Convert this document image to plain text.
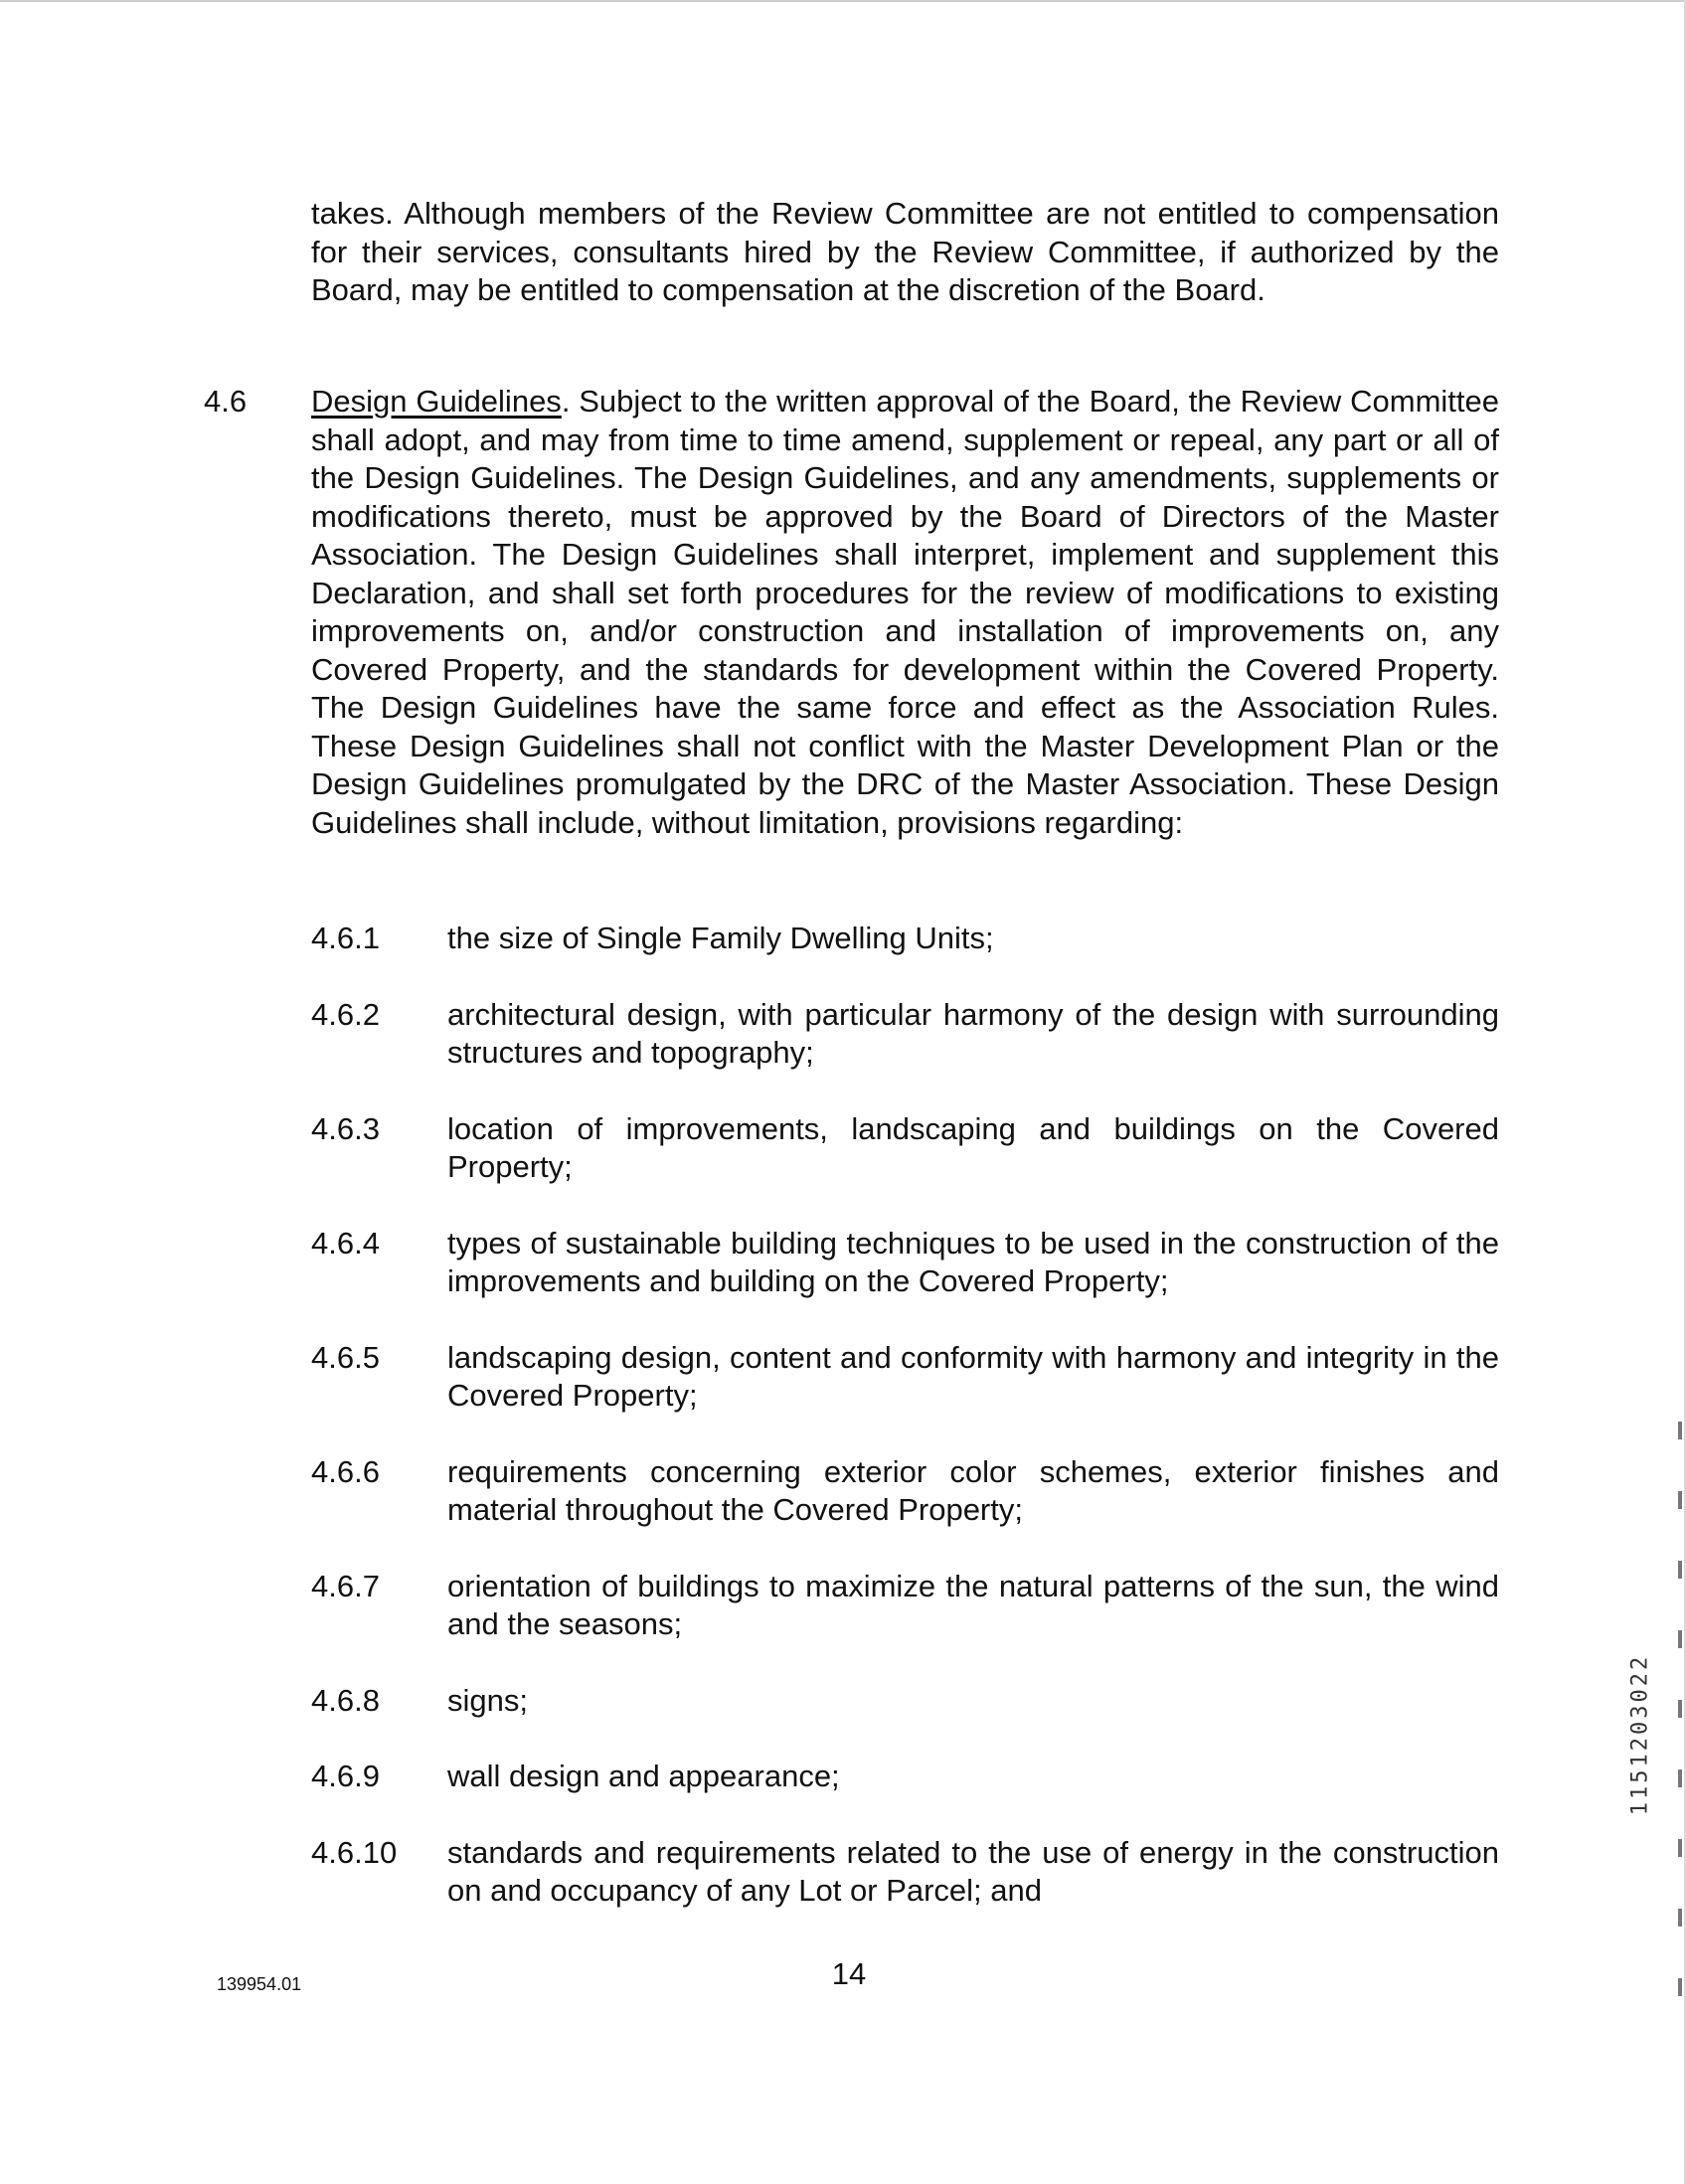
takes. Although members of the Review Committee are not entitled to compensation for their services, consultants hired by the Review Committee, if authorized by the Board, may be entitled to compensation at the discretion of the Board.

4.6 Design Guidelines. Subject to the written approval of the Board, the Review Committee shall adopt, and may from time to time amend, supplement or repeal, any part or all of the Design Guidelines. The Design Guidelines, and any amendments, supplements or modifications thereto, must be approved by the Board of Directors of the Master Association. The Design Guidelines shall interpret, implement and supplement this Declaration, and shall set forth procedures for the review of modifications to existing improvements on, and/or construction and installation of improvements on, any Covered Property, and the standards for development within the Covered Property. The Design Guidelines have the same force and effect as the Association Rules. These Design Guidelines shall not conflict with the Master Development Plan or the Design Guidelines promulgated by the DRC of the Master Association. These Design Guidelines shall include, without limitation, provisions regarding:

4.6.1 the size of Single Family Dwelling Units;
4.6.2 architectural design, with particular harmony of the design with surrounding structures and topography;
4.6.3 location of improvements, landscaping and buildings on the Covered Property;
4.6.4 types of sustainable building techniques to be used in the construction of the improvements and building on the Covered Property;
4.6.5 landscaping design, content and conformity with harmony and integrity in the Covered Property;
4.6.6 requirements concerning exterior color schemes, exterior finishes and material throughout the Covered Property;
4.6.7 orientation of buildings to maximize the natural patterns of the sun, the wind and the seasons;
4.6.8 signs;
4.6.9 wall design and appearance;
4.6.10 standards and requirements related to the use of energy in the construction on and occupancy of any Lot or Parcel; and
139954.01	14
1151203022
